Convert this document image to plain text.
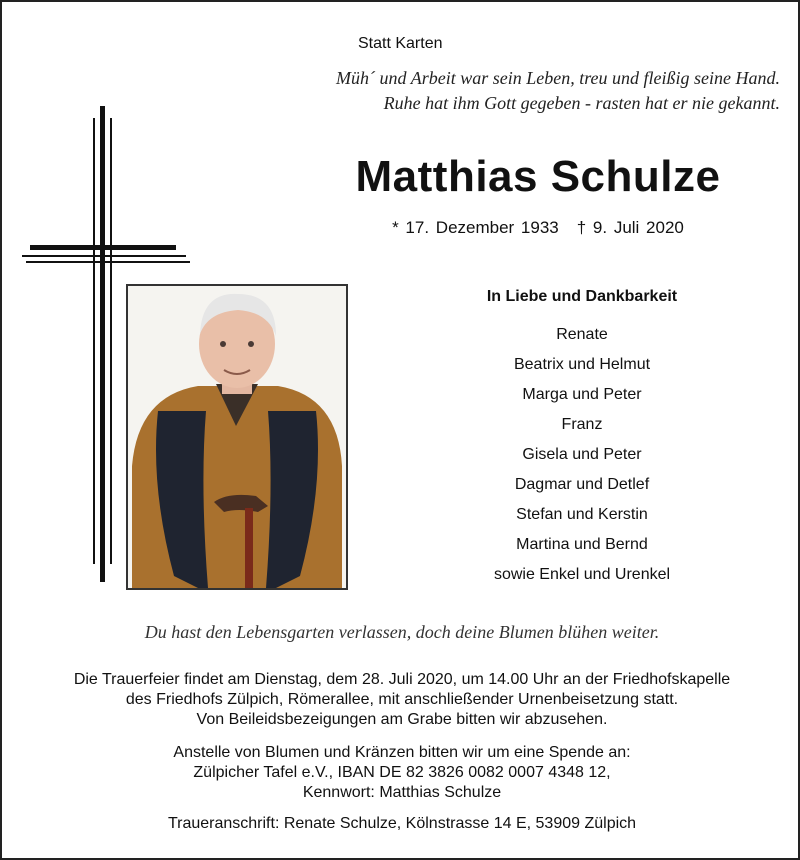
Statt Karten
Müh´ und Arbeit war sein Leben, treu und fleißig seine Hand.
Ruhe hat ihm Gott gegeben - rasten hat er nie gekannt.
Matthias Schulze
* 17. Dezember 1933 † 9. Juli 2020
In Liebe und Dankbarkeit
Renate
Beatrix und Helmut
Marga und Peter
Franz
Gisela und Peter
Dagmar und Detlef
Stefan und Kerstin
Martina und Bernd
sowie Enkel und Urenkel
Du hast den Lebensgarten verlassen, doch deine Blumen blühen weiter.

Die Trauerfeier findet am Dienstag, dem 28. Juli 2020, um 14.00 Uhr an der Friedhofskapelle

des Friedhofs Zülpich, Römerallee, mit anschließender Urnenbeisetzung statt.

Von Beileidsbezeigungen am Grabe bitten wir abzusehen.

Anstelle von Blumen und Kränzen bitten wir um eine Spende an:

Zülpicher Tafel e.V., IBAN DE 82 3826 0082 0007 4348 12,

Kennwort: Matthias Schulze

Traueranschrift: Renate Schulze, Kölnstrasse 14 E, 53909 Zülpich
